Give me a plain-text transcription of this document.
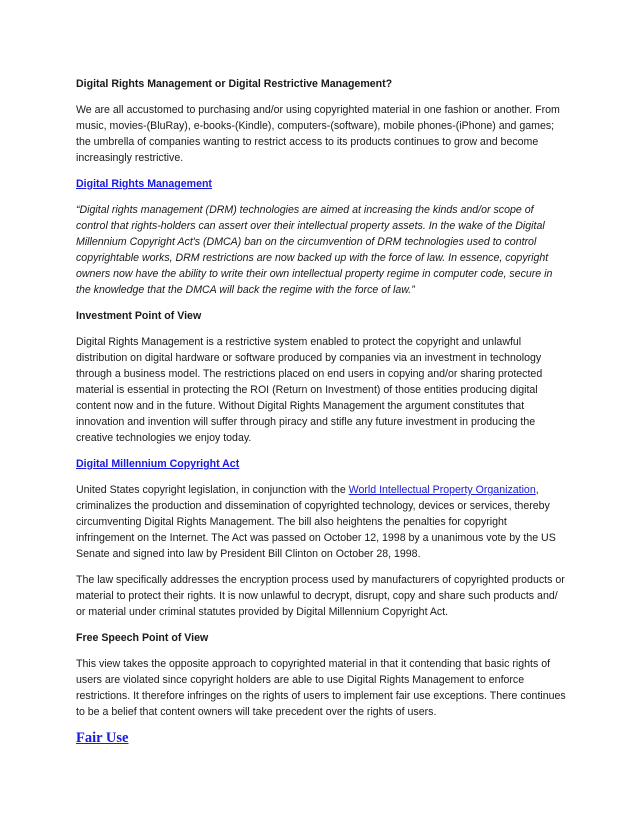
Digital Rights Management or Digital Restrictive Management?

We are all accustomed to purchasing and/or using copyrighted material in one fashion or another. From music, movies-(BluRay), e-books-(Kindle), computers-(software), mobile phones-(iPhone) and games; the umbrella of companies wanting to restrict access to its products continues to grow and become increasingly restrictive.

Digital Rights Management

“Digital rights management (DRM) technologies are aimed at increasing the kinds and/or scope of control that rights-holders can assert over their intellectual property assets. In the wake of the Digital Millennium Copyright Act's (DMCA) ban on the circumvention of DRM technologies used to control copyrightable works, DRM restrictions are now backed up with the force of law. In essence, copyright owners now have the ability to write their own intellectual property regime in computer code, secure in the knowledge that the DMCA will back the regime with the force of law.”

Investment Point of View

Digital Rights Management is a restrictive system enabled to protect the copyright and unlawful distribution on digital hardware or software produced by companies via an investment in technology through a business model. The restrictions placed on end users in copying and/or sharing protected material is essential in protecting the ROI (Return on Investment) of those entities producing digital content now and in the future. Without Digital Rights Management the argument constitutes that innovation and invention will suffer through piracy and stifle any future investment in producing the creative technologies we enjoy today.

Digital Millennium Copyright Act

United States copyright legislation, in conjunction with the World Intellectual Property Organization, criminalizes the production and dissemination of copyrighted technology, devices or services, thereby circumventing Digital Rights Management. The bill also heightens the penalties for copyright infringement on the Internet. The Act was passed on October 12, 1998 by a unanimous vote by the US Senate and signed into law by President Bill Clinton on October 28, 1998.

The law specifically addresses the encryption process used by manufacturers of copyrighted products or material to protect their rights. It is now unlawful to decrypt, disrupt, copy and share such products and/ or material under criminal statutes provided by Digital Millennium Copyright Act.

Free Speech Point of View

This view takes the opposite approach to copyrighted material in that it contending that basic rights of users are violated since copyright holders are able to use Digital Rights Management to enforce restrictions. It therefore infringes on the rights of users to implement fair use exceptions. There continues to be a belief that content owners will take precedent over the rights of users.

Fair Use
